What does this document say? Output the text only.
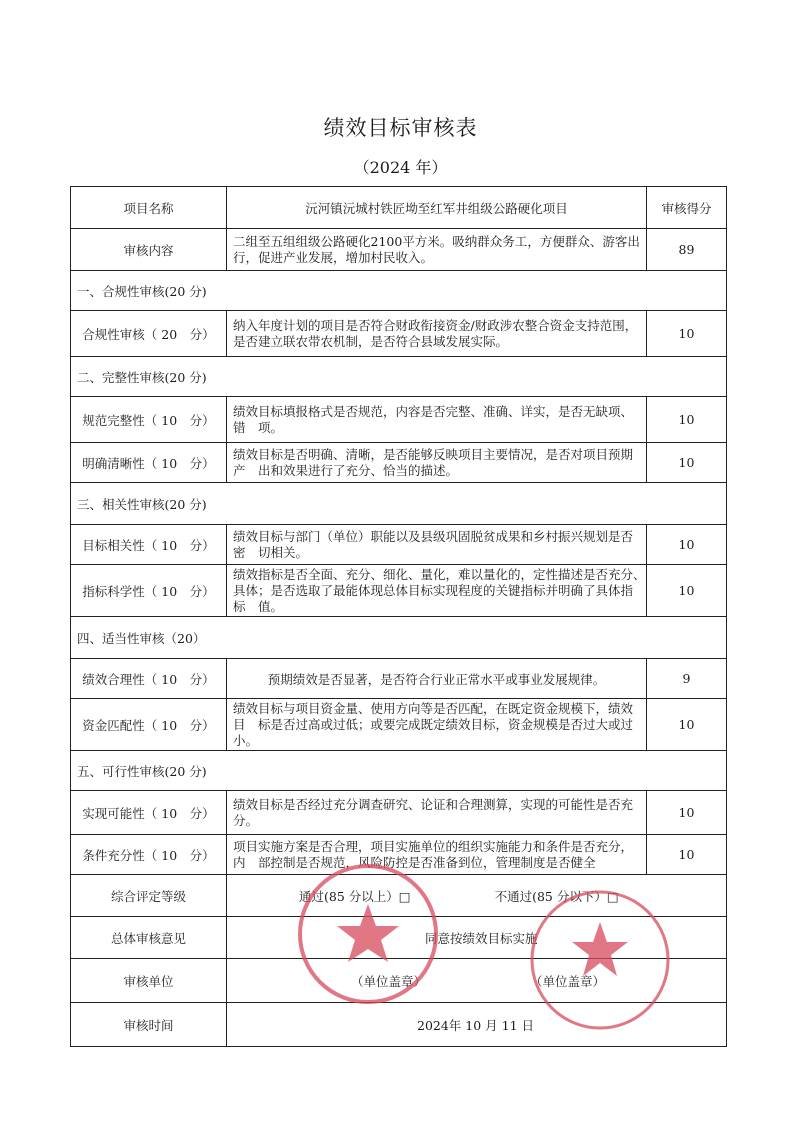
绩效目标审核表
（2024 年）
项目名称	沅河镇沅城村铁匠坳至红军井组级公路硬化项目	审核得分
审核内容	二组至五组组级公路硬化2100平方米。吸纳群众务工，方便群众、游客出行，促进产业发展，增加村民收入。	89
一、合规性审核(20 分)		
合规性审核（ 20　分）	纳入年度计划的项目是否符合财政衔接资金/财政涉农整合资金支持范围，　是否建立联农带农机制，是否符合县域发展实际。	10
二、完整性审核(20 分)		
规范完整性（ 10　分）	绩效目标填报格式是否规范，内容是否完整、准确、详实，是否无缺项、错　项。	10
明确清晰性（ 10　分）	绩效目标是否明确、清晰，是否能够反映项目主要情况，是否对项目预期产　出和效果进行了充分、恰当的描述。	10
三、相关性审核(20 分)		
目标相关性（ 10　分）	绩效目标与部门（单位）职能以及县级巩固脱贫成果和乡村振兴规划是否密　切相关。	10
指标科学性（ 10　分）	绩效指标是否全面、充分、细化、量化，难以量化的，定性描述是否充分、　具体；是否选取了最能体现总体目标实现程度的关键指标并明确了具体指标　值。	10
四、适当性审核（20）		
绩效合理性（ 10　分）	预期绩效是否显著，是否符合行业正常水平或事业发展规律。	9
资金匹配性（ 10　分）	绩效目标与项目资金量、使用方向等是否匹配，在既定资金规模下，绩效目　标是否过高或过低；或要完成既定绩效目标，资金规模是否过大或过小。	10
五、可行性审核(20 分)		
实现可能性（ 10　分）	绩效目标是否经过充分调查研究、论证和合理测算，实现的可能性是否充分。	10
条件充分性（ 10　分）	项目实施方案是否合理，项目实施单位的组织实施能力和条件是否充分，内　部控制是否规范，风险防控是否准备到位，管理制度是否健全	10
综合评定等级	通过(85 分以上）□ 不通过(85 分以下）□	
总体审核意见	同意按绩效目标实施	
审核单位	（单位盖章） （单位盖章）	
审核时间	2024年 10 月 11 日	
